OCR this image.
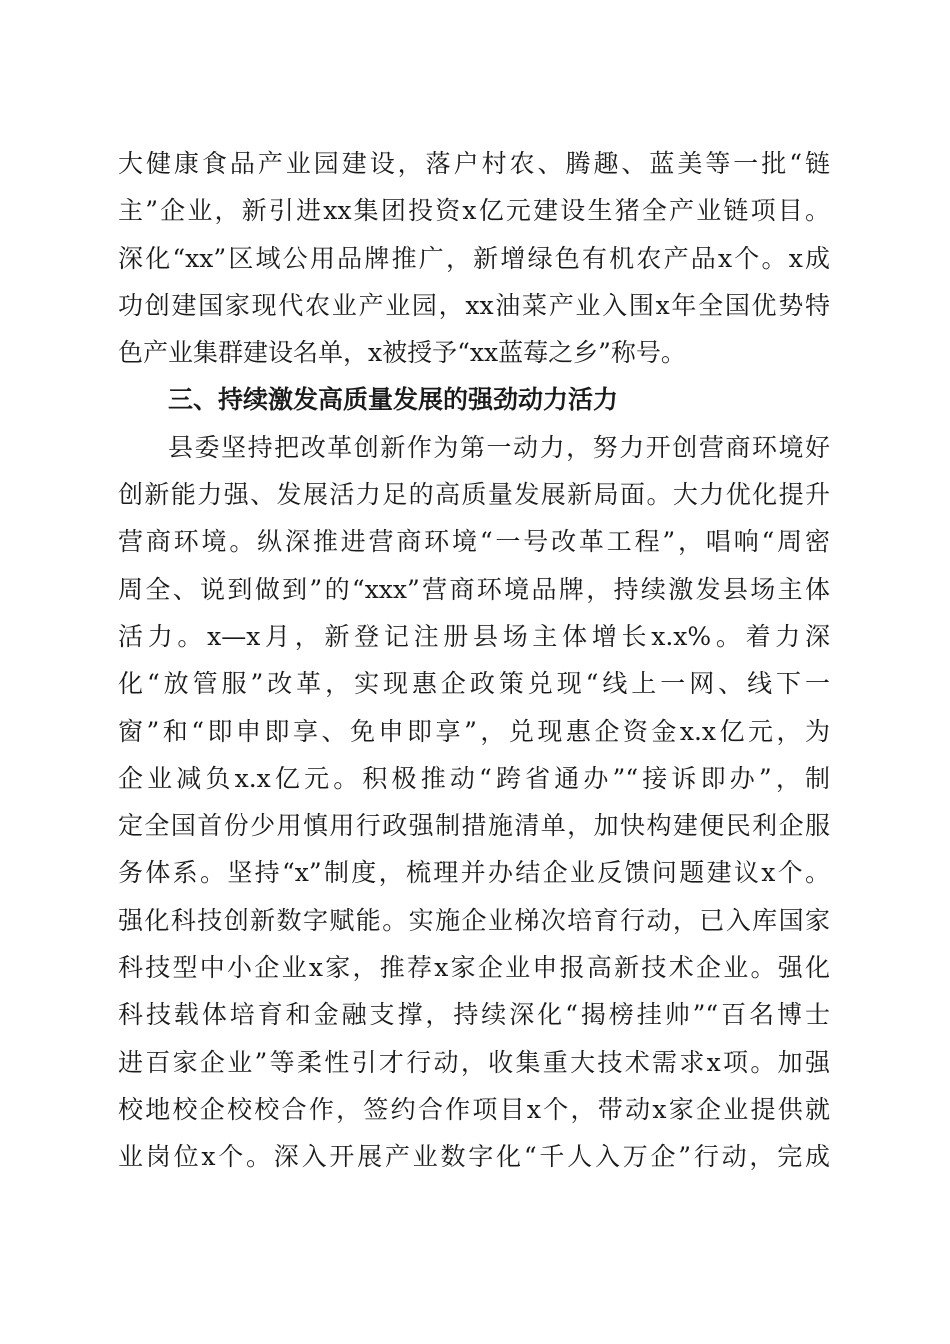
大健康食品产业园建设，落户村农、腾趣、蓝美等一批“链
主”企业，新引进xx集团投资x亿元建设生猪全产业链项目。
深化“xx”区域公用品牌推广，新增绿色有机农产品x个。x成
功创建国家现代农业产业园，xx油菜产业入围x年全国优势特
色产业集群建设名单，x被授予“xx蓝莓之乡”称号。
三、持续激发高质量发展的强劲动力活力
县委坚持把改革创新作为第一动力，努力开创营商环境好
创新能力强、发展活力足的高质量发展新局面。大力优化提升
营商环境。纵深推进营商环境“一号改革工程”，唱响“周密
周全、说到做到”的“xxx”营商环境品牌，持续激发县场主体
活力。x—x月，新登记注册县场主体增长x.x%。着力深
化“放管服”改革，实现惠企政策兑现“线上一网、线下一
窗”和“即申即享、免申即享”，兑现惠企资金x.x亿元，为
企业减负x.x亿元。积极推动“跨省通办”“接诉即办”，制
定全国首份少用慎用行政强制措施清单，加快构建便民利企服
务体系。坚持“x”制度，梳理并办结企业反馈问题建议x个。
强化科技创新数字赋能。实施企业梯次培育行动，已入库国家
科技型中小企业x家，推荐x家企业申报高新技术企业。强化
科技载体培育和金融支撑，持续深化“揭榜挂帅”“百名博士
进百家企业”等柔性引才行动，收集重大技术需求x项。加强
校地校企校校合作，签约合作项目x个，带动x家企业提供就
业岗位x个。深入开展产业数字化“千人入万企”行动，完成
